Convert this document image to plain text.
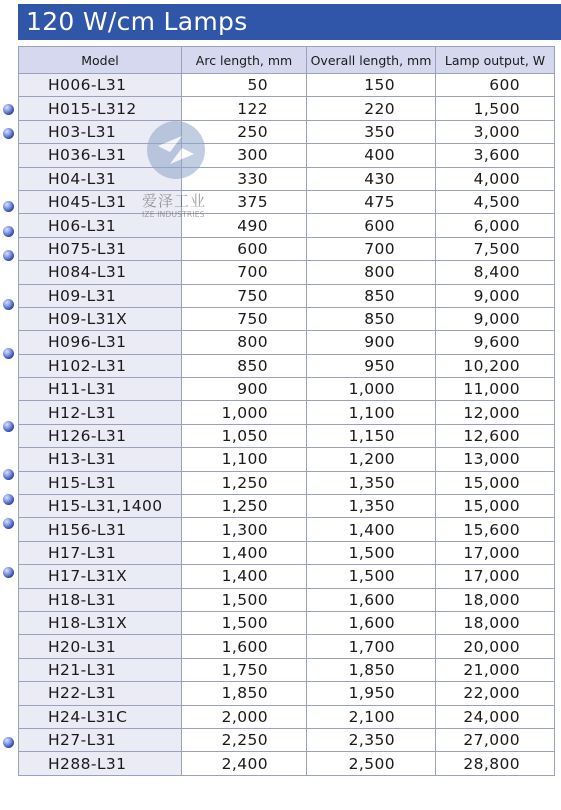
120 W/cm Lamps
Model	Arc length, mm	Overall length, mm	Lamp output, W
H006-L31	50	150	600
H015-L312	122	220	1,500
H03-L31	250	350	3,000
H036-L31	300	400	3,600
H04-L31	330	430	4,000
H045-L31	375	475	4,500
H06-L31	490	600	6,000
H075-L31	600	700	7,500
H084-L31	700	800	8,400
H09-L31	750	850	9,000
H09-L31X	750	850	9,000
H096-L31	800	900	9,600
H102-L31	850	950	10,200
H11-L31	900	1,000	11,000
H12-L31	1,000	1,100	12,000
H126-L31	1,050	1,150	12,600
H13-L31	1,100	1,200	13,000
H15-L31	1,250	1,350	15,000
H15-L31,1400	1,250	1,350	15,000
H156-L31	1,300	1,400	15,600
H17-L31	1,400	1,500	17,000
H17-L31X	1,400	1,500	17,000
H18-L31	1,500	1,600	18,000
H18-L31X	1,500	1,600	18,000
H20-L31	1,600	1,700	20,000
H21-L31	1,750	1,850	21,000
H22-L31	1,850	1,950	22,000
H24-L31C	2,000	2,100	24,000
H27-L31	2,250	2,350	27,000
H288-L31	2,400	2,500	28,800
爱泽工业
IZE INDUSTRIES
